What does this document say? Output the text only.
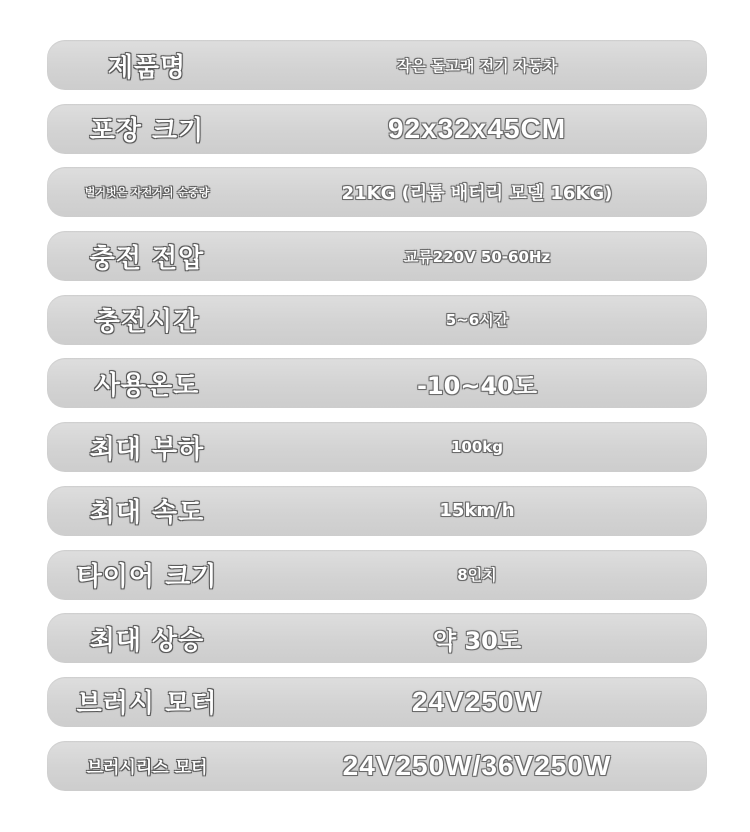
제품명	작은 돌고래 전기 자동차
포장 크기	92x32x45CM
벌거벗은 자전거의 순중량	21KG (리튬 배터리 모델 16KG)
충전 전압	교류220V 50-60Hz
충전시간	5~6시간
사용온도	-10~40도
최대 부하	100kg
최대 속도	15km/h
타이어 크기	8인치
최대 상승	약 30도
브러시 모터	24V250W
브러시리스 모터	24V250W/36V250W
